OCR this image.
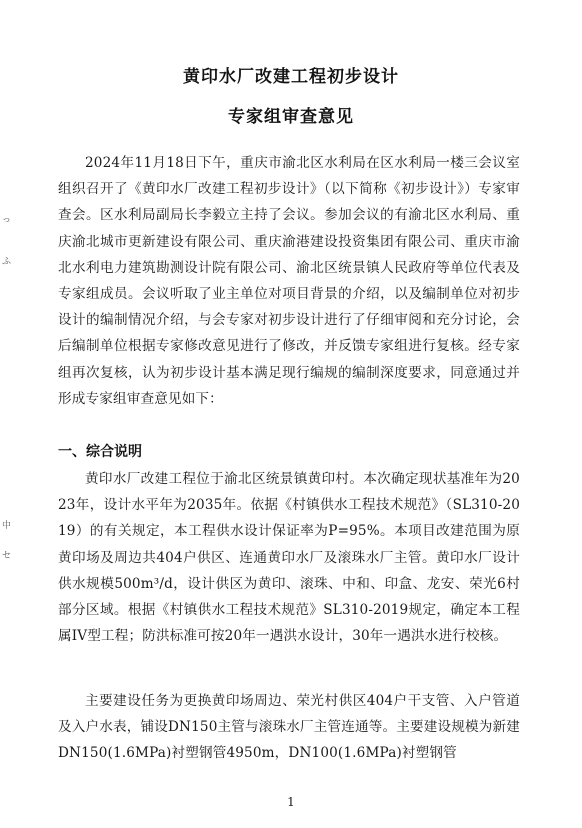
黄印水厂改建工程初步设计
专家组审查意见
2024年11月18日下午，重庆市渝北区水利局在区水利局一楼三会议室组织召开了《黄印水厂改建工程初步设计》（以下简称《初步设计》）专家审查会。区水利局副局长李毅立主持了会议。参加会议的有渝北区水利局、重庆渝北城市更新建设有限公司、重庆渝港建设投资集团有限公司、重庆市渝北水利电力建筑勘测设计院有限公司、渝北区统景镇人民政府等单位代表及专家组成员。会议听取了业主单位对项目背景的介绍，以及编制单位对初步设计的编制情况介绍，与会专家对初步设计进行了仔细审阅和充分讨论，会后编制单位根据专家修改意见进行了修改，并反馈专家组进行复核。经专家组再次复核，认为初步设计基本满足现行编规的编制深度要求，同意通过并形成专家组审查意见如下：
一、综合说明
黄印水厂改建工程位于渝北区统景镇黄印村。本次确定现状基准年为2023年，设计水平年为2035年。依据《村镇供水工程技术规范》（SL310-2019）的有关规定，本工程供水设计保证率为P=95%。本项目改建范围为原黄印场及周边共404户供区、连通黄印水厂及滚珠水厂主管。黄印水厂设计供水规模500m³/d，设计供区为黄印、滚珠、中和、印盒、龙安、荣光6村部分区域。根据《村镇供水工程技术规范》SL310-2019规定，确定本工程属IV型工程；防洪标准可按20年一遇洪水设计，30年一遇洪水进行校核。
主要建设任务为更换黄印场周边、荣光村供区404户干支管、入户管道及入户水表，铺设DN150主管与滚珠水厂主管连通等。主要建设规模为新建DN150(1.6MPa)衬塑钢管4950m，DN100(1.6MPa)衬塑钢管
1
っ
ふ
中
セ
